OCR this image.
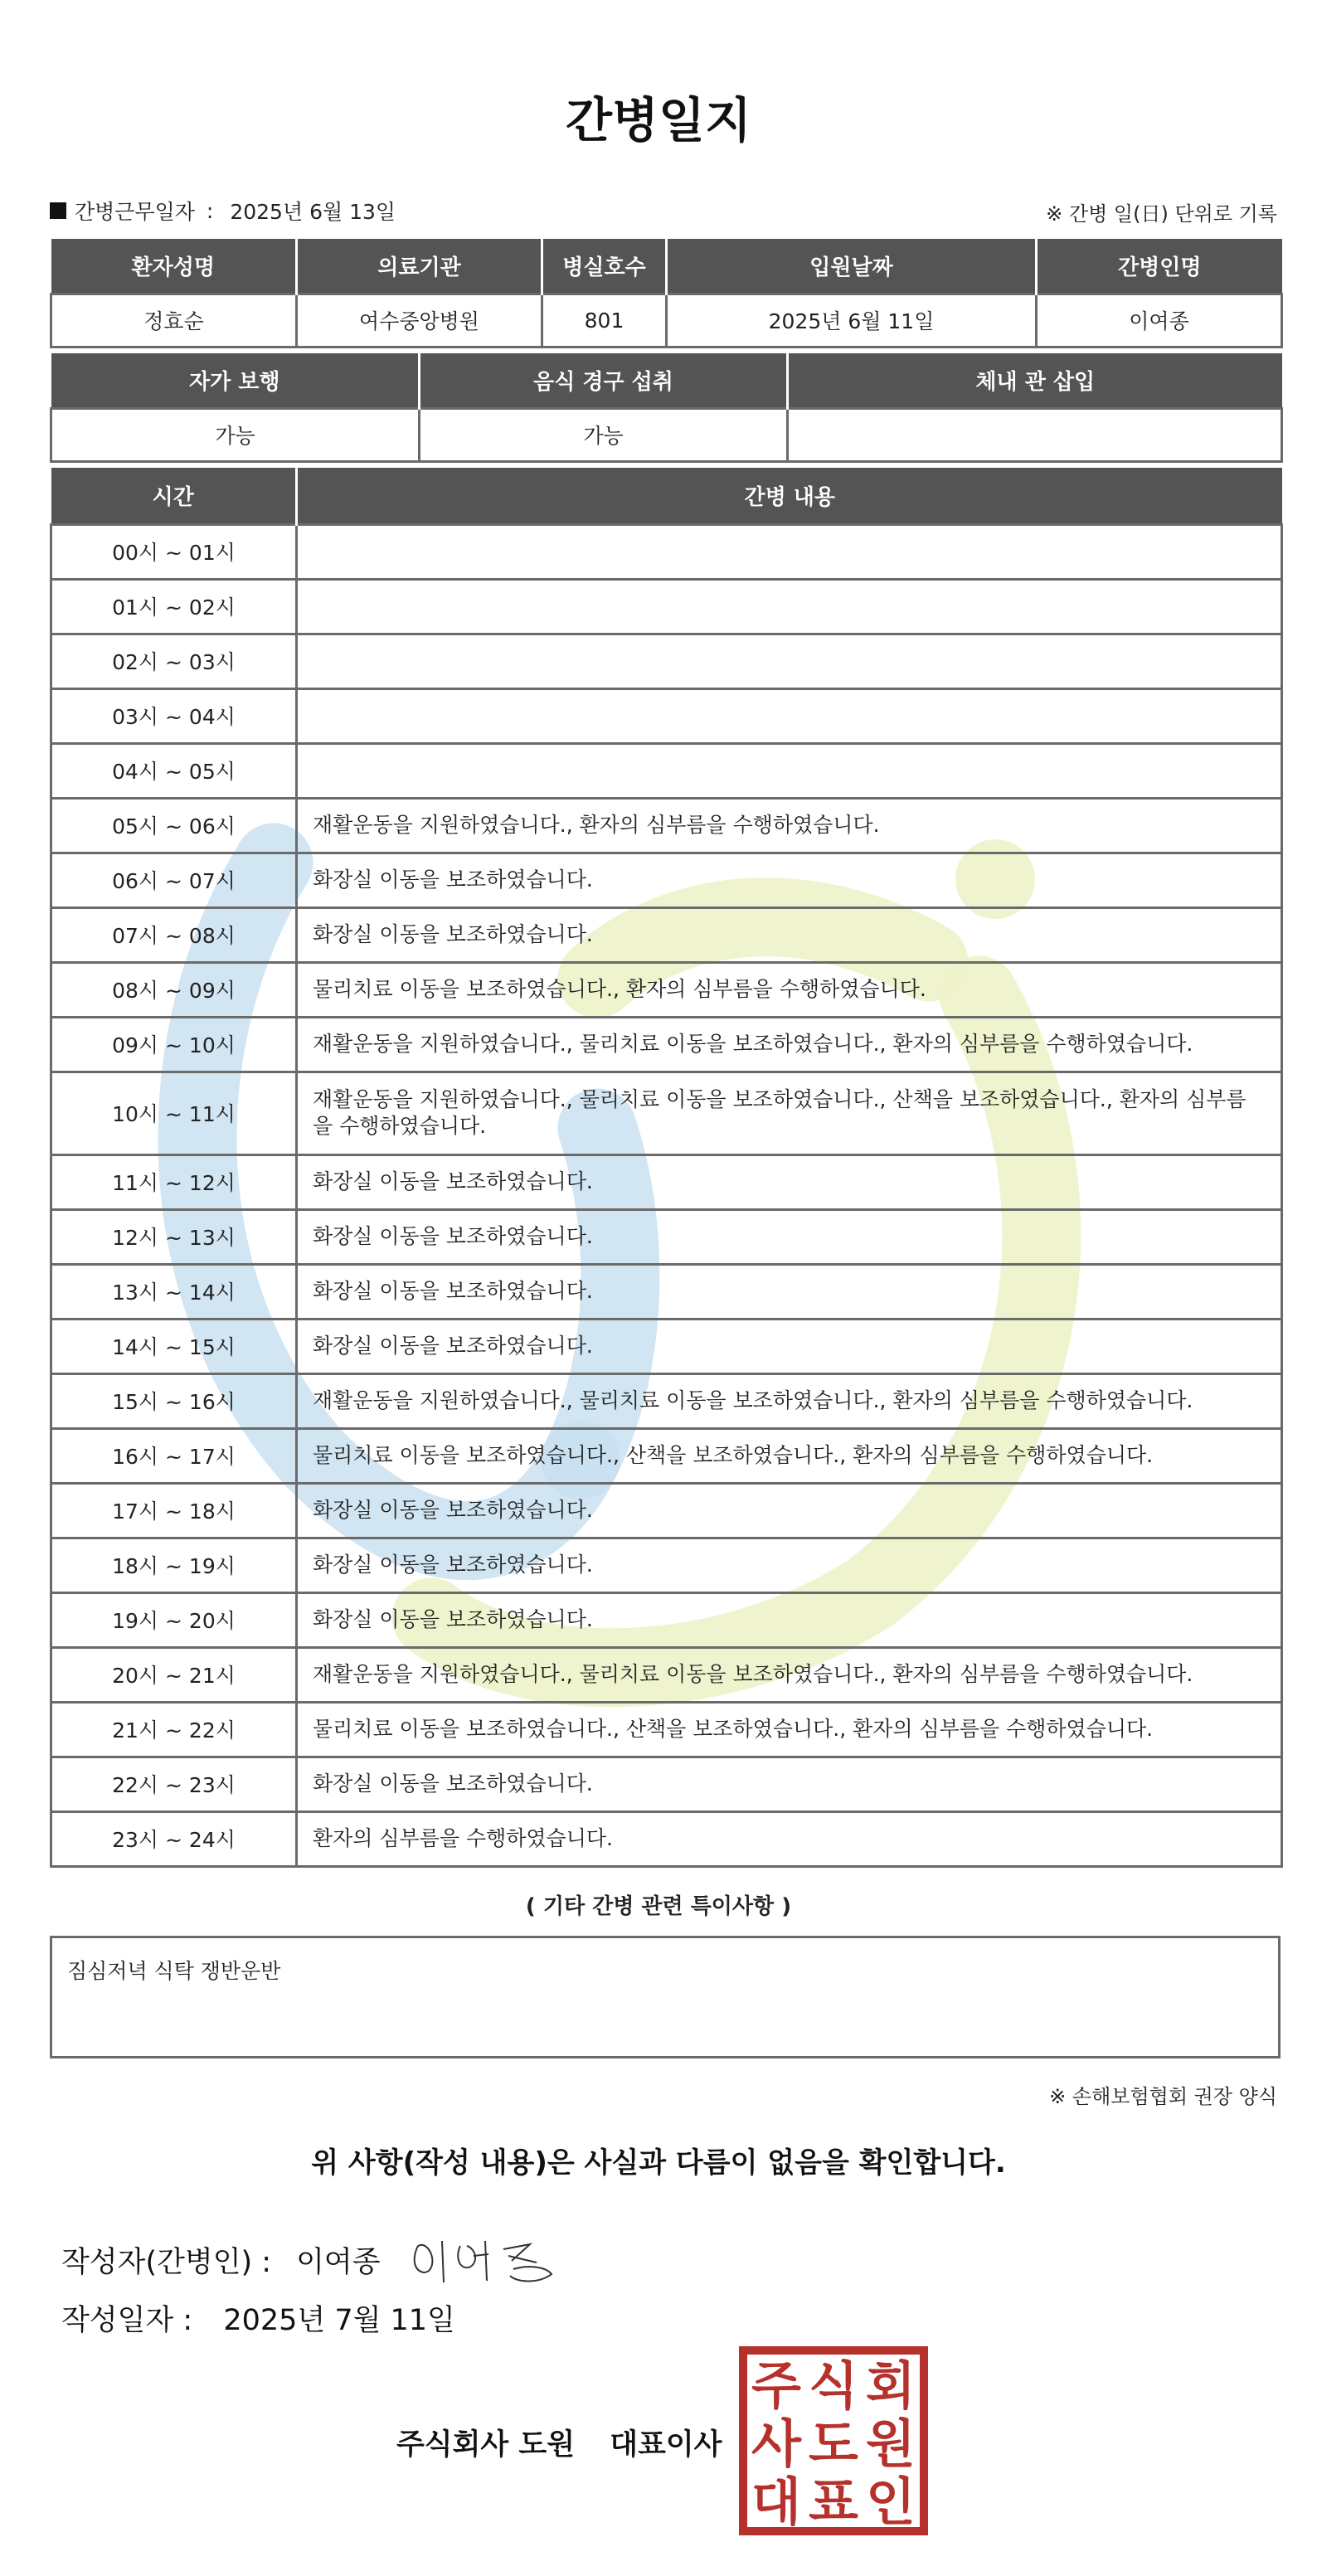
간병일지
간병근무일자 : 2025년 6월 13일	※ 간병 일(日) 단위로 기록
환자성명	의료기관	병실호수	입원날짜	간병인명
정효순	여수중앙병원	801	2025년 6월 11일	이여종
자가 보행	음식 경구 섭취	체내 관 삽입
가능	가능	
시간	간병 내용
00시 ~ 01시	
01시 ~ 02시	
02시 ~ 03시	
03시 ~ 04시	
04시 ~ 05시	
05시 ~ 06시	재활운동을 지원하였습니다., 환자의 심부름을 수행하였습니다.
06시 ~ 07시	화장실 이동을 보조하였습니다.
07시 ~ 08시	화장실 이동을 보조하였습니다.
08시 ~ 09시	물리치료 이동을 보조하였습니다., 환자의 심부름을 수행하였습니다.
09시 ~ 10시	재활운동을 지원하였습니다., 물리치료 이동을 보조하였습니다., 환자의 심부름을 수행하였습니다.
10시 ~ 11시	재활운동을 지원하였습니다., 물리치료 이동을 보조하였습니다., 산책을 보조하였습니다., 환자의 심부름을 수행하였습니다.
11시 ~ 12시	화장실 이동을 보조하였습니다.
12시 ~ 13시	화장실 이동을 보조하였습니다.
13시 ~ 14시	화장실 이동을 보조하였습니다.
14시 ~ 15시	화장실 이동을 보조하였습니다.
15시 ~ 16시	재활운동을 지원하였습니다., 물리치료 이동을 보조하였습니다., 환자의 심부름을 수행하였습니다.
16시 ~ 17시	물리치료 이동을 보조하였습니다., 산책을 보조하였습니다., 환자의 심부름을 수행하였습니다.
17시 ~ 18시	화장실 이동을 보조하였습니다.
18시 ~ 19시	화장실 이동을 보조하였습니다.
19시 ~ 20시	화장실 이동을 보조하였습니다.
20시 ~ 21시	재활운동을 지원하였습니다., 물리치료 이동을 보조하였습니다., 환자의 심부름을 수행하였습니다.
21시 ~ 22시	물리치료 이동을 보조하였습니다., 산책을 보조하였습니다., 환자의 심부름을 수행하였습니다.
22시 ~ 23시	화장실 이동을 보조하였습니다.
23시 ~ 24시	환자의 심부름을 수행하였습니다.
( 기타 간병 관련 특이사항 )
짐심저녁 식탁 쟁반운반
※ 손해보험협회 권장 양식
위 사항(작성 내용)은 사실과 다름이 없음을 확인합니다.
작성자(간병인) : 이여종
작성일자 : 2025년 7월 11일
주식회사 도원 대표이사
주 식 회
사 도 원
대 표 인
